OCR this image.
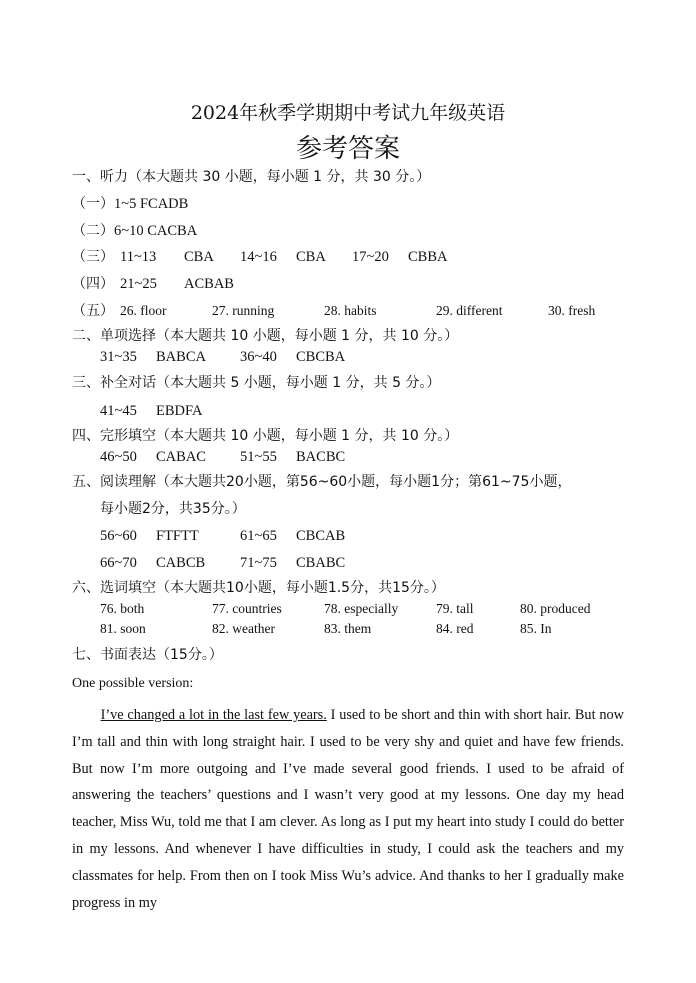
2024年秋季学期期中考试九年级英语
参考答案
一、听力（本大题共 30 小题，每小题 1 分，共 30 分。）
（一）1~5 FCADB
（二）6~10 CACBA
（三） 11~13 CBA 14~16 CBA 17~20 CBBA
（四） 21~25 ACBAB
（五） 26. floor	27. running	28. habits	29. different	30. fresh
二、单项选择（本大题共 10 小题，每小题 1 分，共 10 分。）
31~35 BABCA 36~40 CBCBA
三、补全对话（本大题共 5 小题，每小题 1 分，共 5 分。）
41~45 EBDFA
四、完形填空（本大题共 10 小题，每小题 1 分，共 10 分。）
46~50 CABAC 51~55 BACBC
五、阅读理解（本大题共20小题，第56~60小题，每小题1分；第61~75小题，
每小题2分，共35分。）
56~60 FTFTT	61~65 CBCAB
66~70 CABCB 71~75 CBABC
六、选词填空（本大题共10小题，每小题1.5分，共15分。）
76. both	77. countries	78. especially	79. tall	80. produced
81. soon	82. weather	83. them	84. red	85. In
七、书面表达（15分。）
One possible version:
I’ve changed a lot in the last few years. I used to be short and thin with short hair. But now I’m tall and thin with long straight hair. I used to be very shy and quiet and have few friends. But now I’m more outgoing and I’ve made several good friends. I used to be afraid of answering the teachers’ questions and I wasn’t very good at my lessons. One day my head teacher, Miss Wu, told me that I am clever. As long as I put my heart into study I could do better in my lessons. And whenever I have difficulties in study, I could ask the teachers and my classmates for help. From then on I took Miss Wu’s advice. And thanks to her I gradually make progress in my
